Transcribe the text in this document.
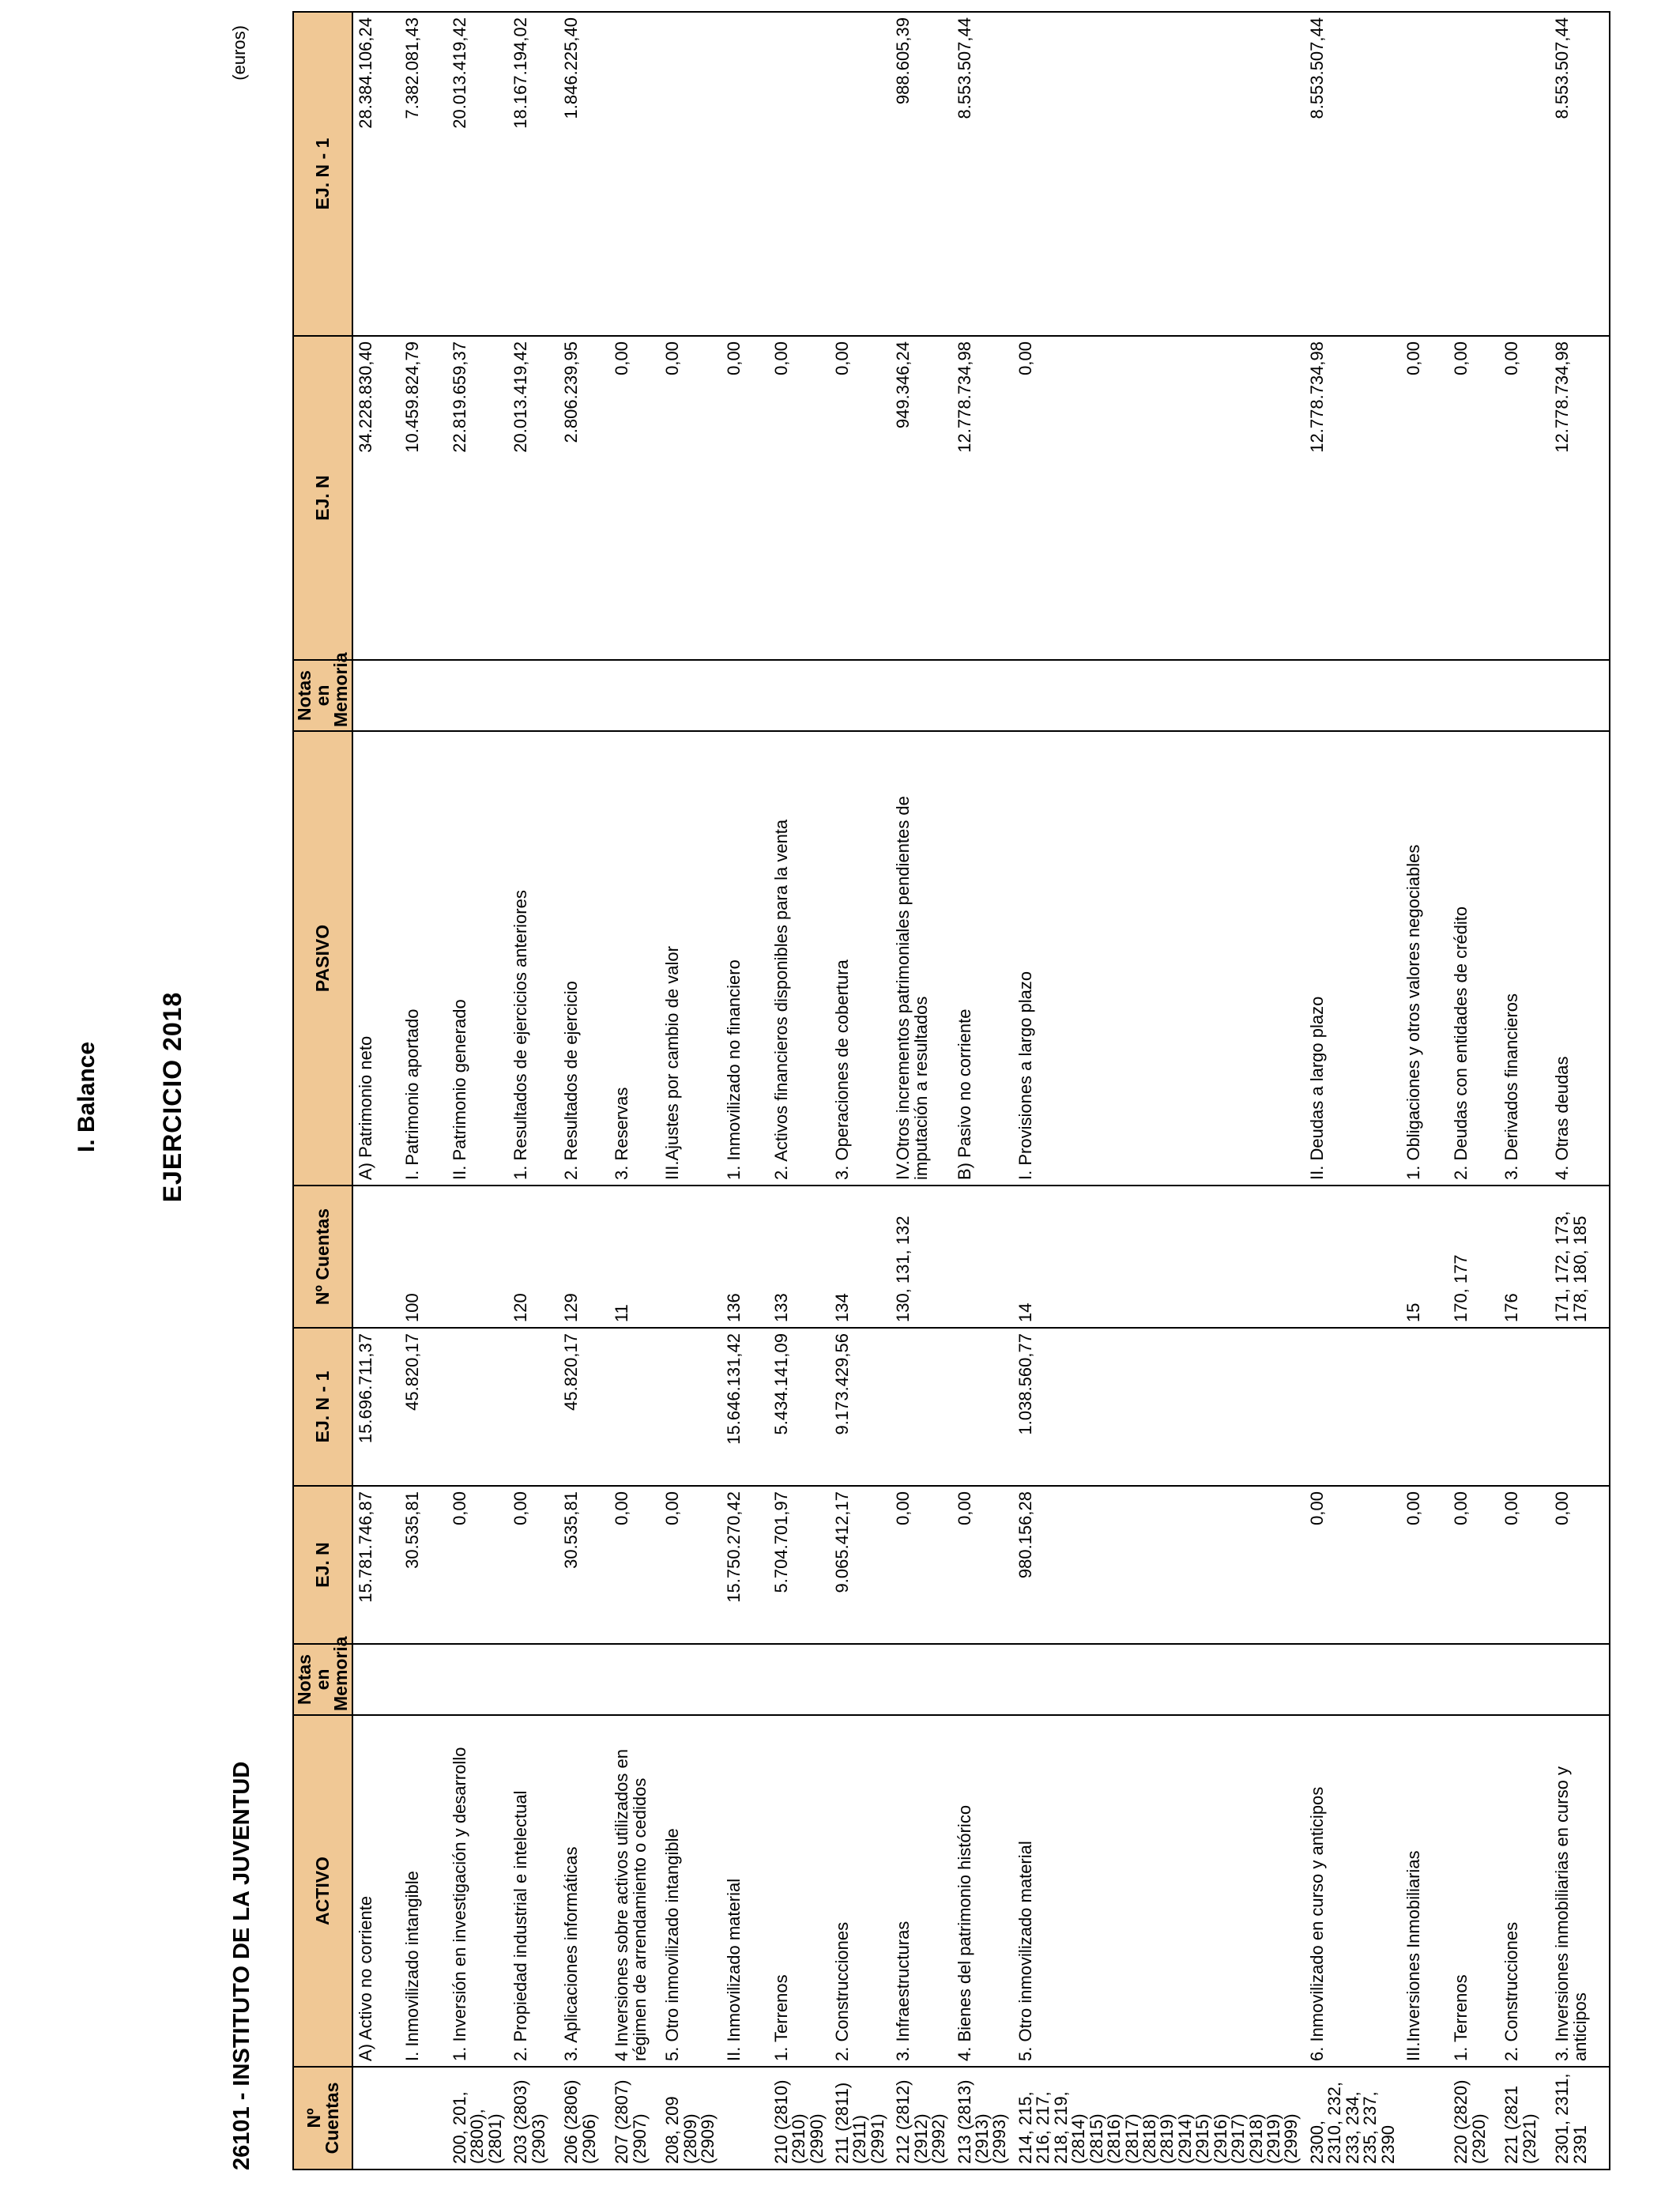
I. Balance EJERCICIO 2018
26101 - INSTITUTO DE LA JUVENTUD
(euros)
Nº Cuentas	ACTIVO	Notas en Memoria	EJ. N	EJ. N - 1	Nº Cuentas	PASIVO	Notas en Memoria	EJ. N	EJ. N - 1
	A) Activo no corriente		15.781.746,87	15.696.711,37		A) Patrimonio neto		34.228.830,40	28.384.106,24
	I. Inmovilizado intangible		30.535,81	45.820,17	100	I. Patrimonio aportado		10.459.824,79	7.382.081,43
200, 201, (2800), (2801)	1. Inversión en investigación y desarrollo		0,00			II. Patrimonio generado		22.819.659,37	20.013.419,42
203 (2803) (2903)	2. Propiedad industrial e intelectual		0,00		120	1. Resultados de ejercicios anteriores		20.013.419,42	18.167.194,02
206 (2806) (2906)	3. Aplicaciones informáticas		30.535,81	45.820,17	129	2. Resultados de ejercicio		2.806.239,95	1.846.225,40
207 (2807) (2907)	4 Inversiones sobre activos utilizados en régimen de arrendamiento o cedidos		0,00		11	3. Reservas		0,00	
208, 209 (2809) (2909)	5. Otro inmovilizado intangible		0,00			III.Ajustes por cambio de valor		0,00	
	II. Inmovilizado material		15.750.270,42	15.646.131,42	136	1. Inmovilizado no financiero		0,00	
210 (2810) (2910) (2990)	1. Terrenos		5.704.701,97	5.434.141,09	133	2. Activos financieros disponibles para la venta		0,00	
211 (2811) (2911) (2991)	2. Construcciones		9.065.412,17	9.173.429,56	134	3. Operaciones de cobertura		0,00	
212 (2812) (2912) (2992)	3. Infraestructuras		0,00		130, 131, 132	IV.Otros incrementos patrimoniales pendientes de imputación a resultados		949.346,24	988.605,39
213 (2813) (2913) (2993)	4. Bienes del patrimonio histórico		0,00			B) Pasivo no corriente		12.778.734,98	8.553.507,44
214, 215, 216, 217, 218, 219, (2814) (2815) (2816) (2817) (2818) (2819) (2914) (2915) (2916) (2917) (2918) (2919) (2999)	5. Otro inmovilizado material		980.156,28	1.038.560,77	14	I. Provisiones a largo plazo		0,00	
2300, 2310, 232, 233, 234, 235, 237, 2390	6. Inmovilizado en curso y anticipos		0,00			II. Deudas a largo plazo		12.778.734,98	8.553.507,44
	III.Inversiones Inmobiliarias		0,00		15	1. Obligaciones y otros valores negociables		0,00	
220 (2820) (2920)	1. Terrenos		0,00		170, 177	2. Deudas con entidades de crédito		0,00	
221 (2821 (2921)	2. Construcciones		0,00		176	3. Derivados financieros		0,00	
2301, 2311, 2391	3. Inversiones inmobiliarias en curso y anticipos		0,00		171, 172, 173, 178, 180, 185	4. Otras deudas		12.778.734,98	8.553.507,44
